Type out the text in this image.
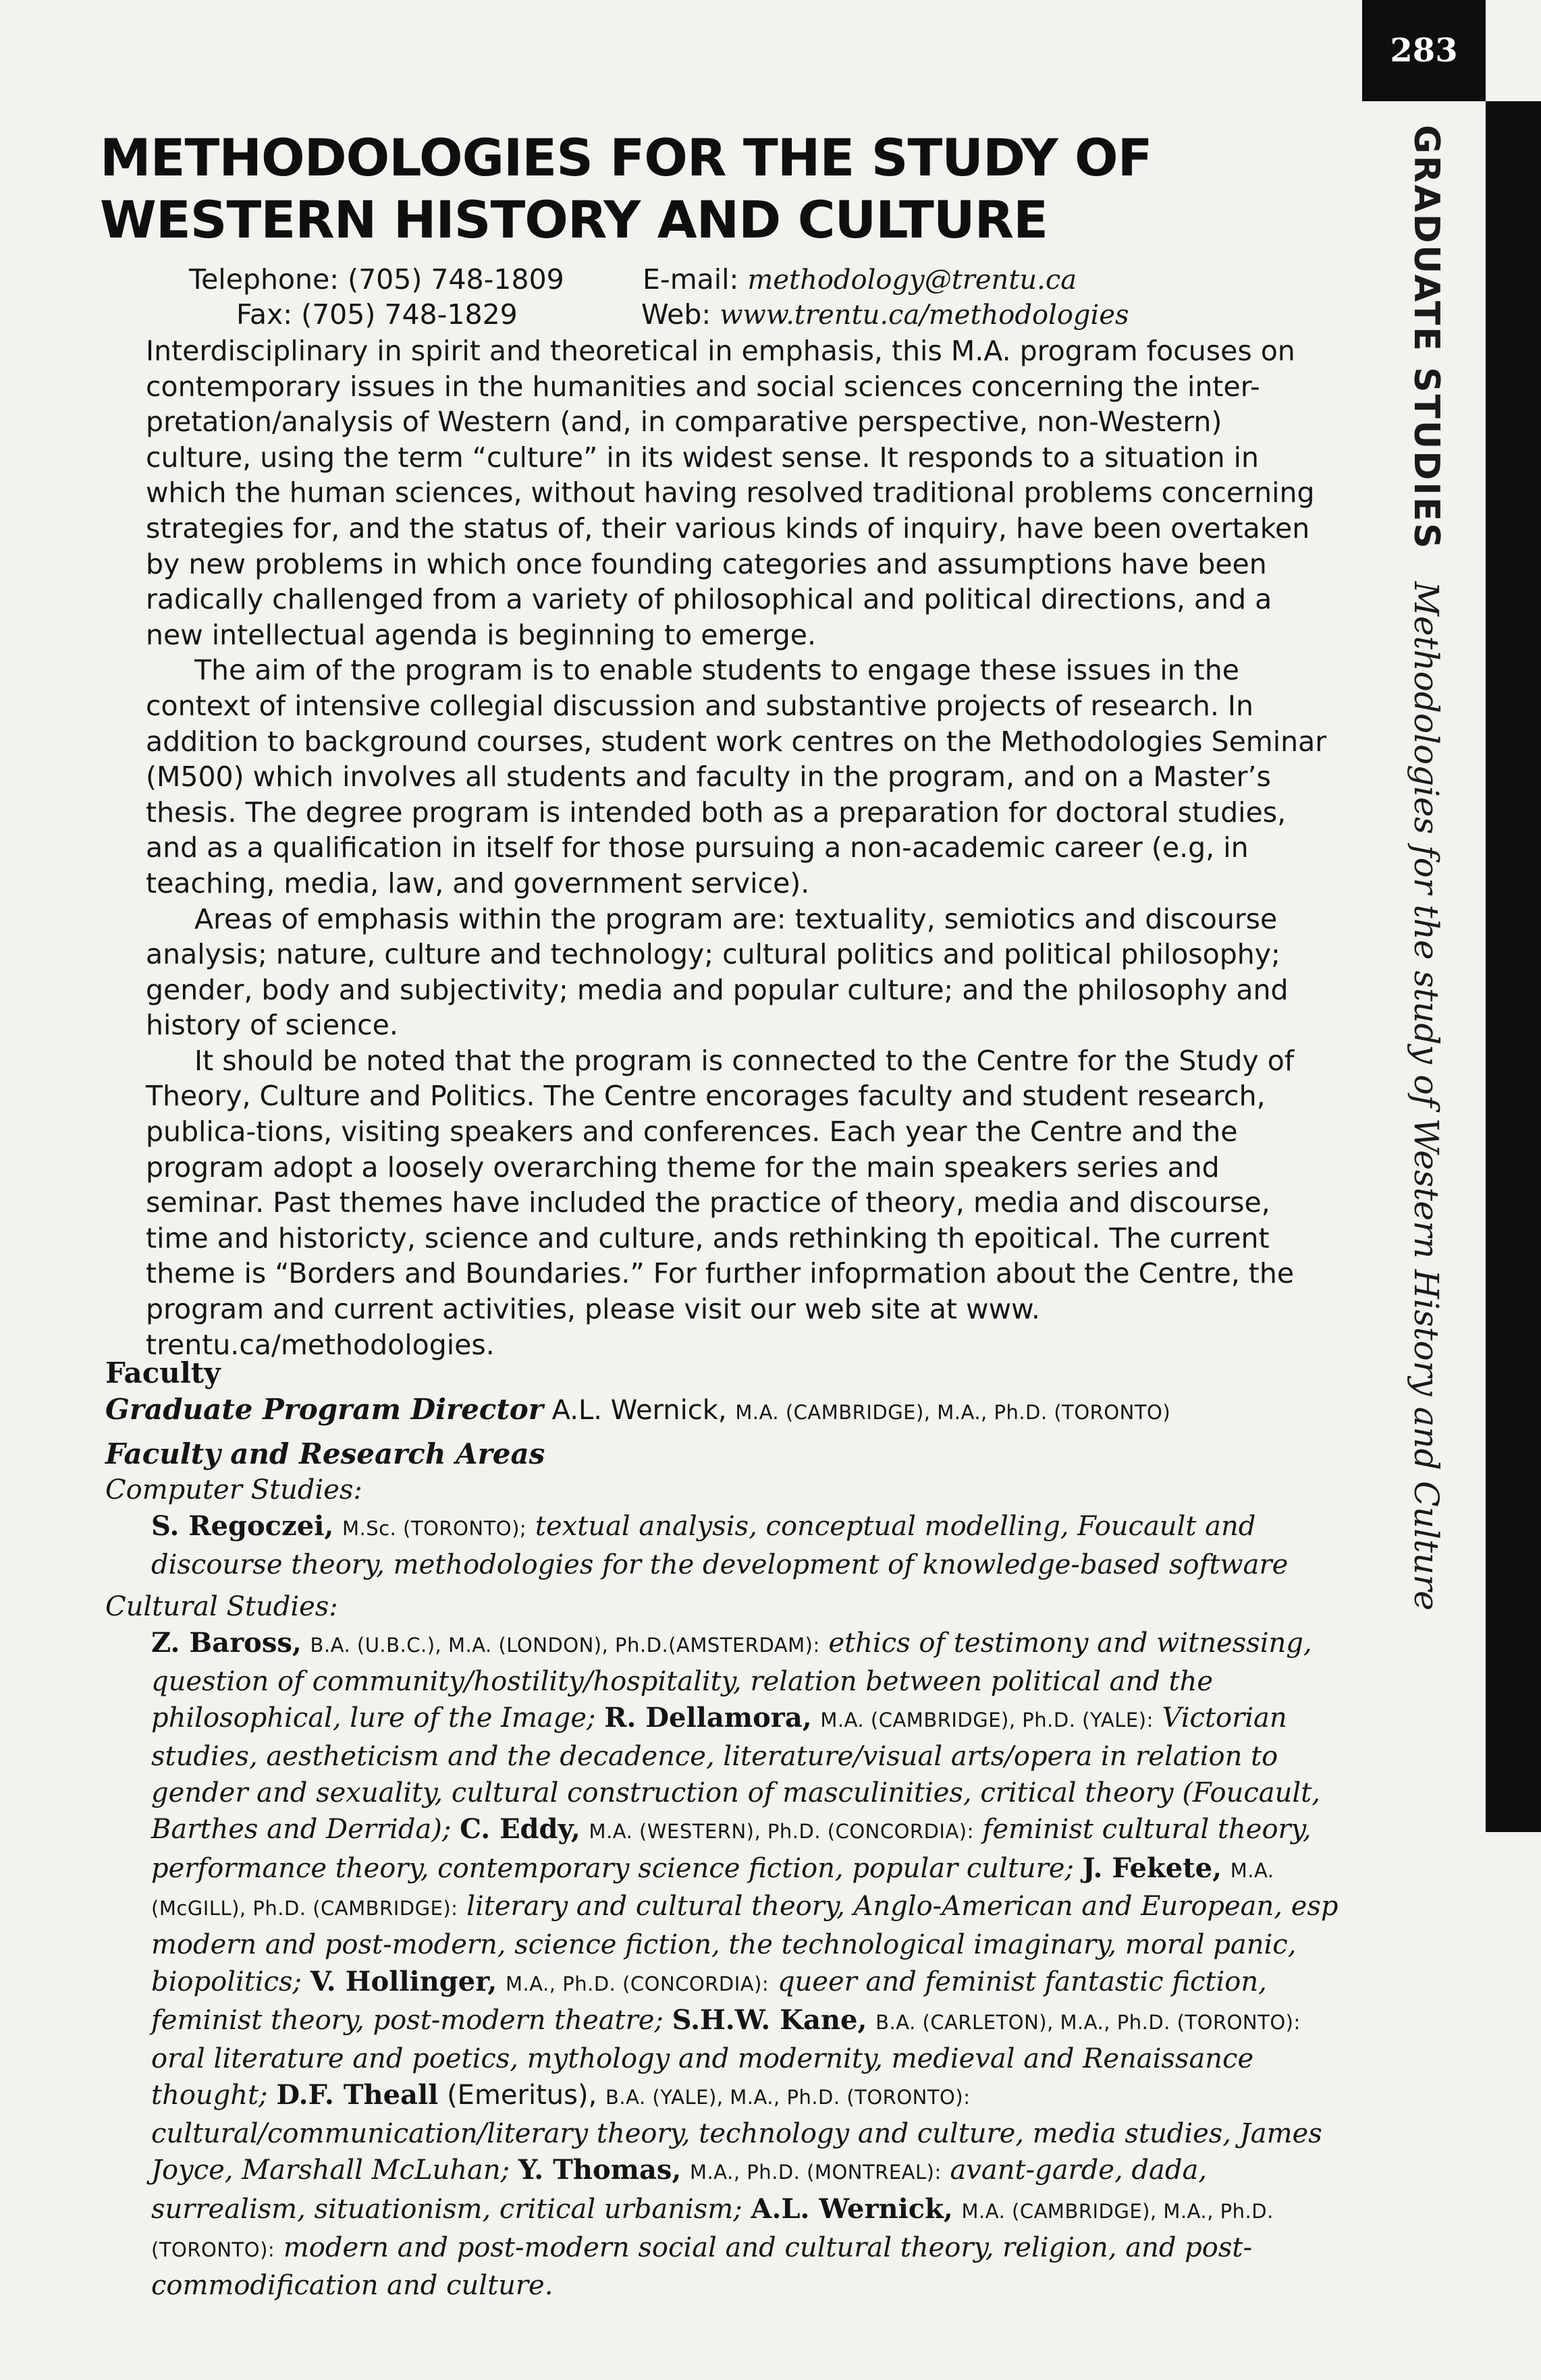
283
GRADUATE STUDIES
Methodologies for the study of Western History and Culture
METHODOLOGIES FOR THE STUDY OF
WESTERN HISTORY AND CULTURE
Telephone: (705) 748-1809	E-mail: methodology@trentu.ca
Fax: (705) 748-1829	Web: www.trentu.ca/methodologies

Interdisciplinary in spirit and theoretical in emphasis, this M.A. program focuses on contemporary issues in the humanities and social sciences concerning the inter-pretation/analysis of Western (and, in comparative perspective, non-Western) culture, using the term “culture” in its widest sense. It responds to a situation in which the human sciences, without having resolved traditional problems concerning strategies for, and the status of, their various kinds of inquiry, have been overtaken by new problems in which once founding categories and assumptions have been radically challenged from a variety of philosophical and political directions, and a new intellectual agenda is beginning to emerge.

The aim of the program is to enable students to engage these issues in the context of intensive collegial discussion and substantive projects of research. In addition to background courses, student work centres on the Methodologies Seminar (M500) which involves all students and faculty in the program, and on a Master’s thesis. The degree program is intended both as a preparation for doctoral studies, and as a qualification in itself for those pursuing a non-academic career (e.g, in teaching, media, law, and government service).

Areas of emphasis within the program are: textuality, semiotics and discourse analysis; nature, culture and technology; cultural politics and political philosophy; gender, body and subjectivity; media and popular culture; and the philosophy and history of science.

It should be noted that the program is connected to the Centre for the Study of Theory, Culture and Politics. The Centre encorages faculty and student research, publica-tions, visiting speakers and conferences. Each year the Centre and the program adopt a loosely overarching theme for the main speakers series and seminar. Past themes have included the practice of theory, media and discourse, time and historicty, science and culture, ands rethinking th epoitical. The current theme is “Borders and Boundaries.” For further infoprmation about the Centre, the program and current activities, please visit our web site at www. trentu.ca/methodologies.

Faculty
Graduate Program Director A.L. Wernick, M.A. (CAMBRIDGE), M.A., Ph.D. (TORONTO)
Faculty and Research Areas
Computer Studies:
S. Regoczei, M.Sc. (TORONTO); textual analysis, conceptual modelling, Foucault and discourse theory, methodologies for the development of knowledge-based software
Cultural Studies:
Z. Baross, B.A. (U.B.C.), M.A. (LONDON), Ph.D.(AMSTERDAM): ethics of testimony and witnessing, question of community/hostility/hospitality, relation between political and the philosophical, lure of the Image; R. Dellamora, M.A. (CAMBRIDGE), Ph.D. (YALE): Victorian studies, aestheticism and the decadence, literature/visual arts/opera in relation to gender and sexuality, cultural construction of masculinities, critical theory (Foucault, Barthes and Derrida); C. Eddy, M.A. (WESTERN), Ph.D. (CONCORDIA): feminist cultural theory, performance theory, contemporary science fiction, popular culture; J. Fekete, M.A. (McGILL), Ph.D. (CAMBRIDGE): literary and cultural theory, Anglo-American and European, esp modern and post-modern, science fiction, the technological imaginary, moral panic, biopolitics; V. Hollinger, M.A., Ph.D. (CONCORDIA): queer and feminist fantastic fiction, feminist theory, post-modern theatre; S.H.W. Kane, B.A. (CARLETON), M.A., Ph.D. (TORONTO): oral literature and poetics, mythology and modernity, medieval and Renaissance thought; D.F. Theall (Emeritus), B.A. (YALE), M.A., Ph.D. (TORONTO): cultural/communication/literary theory, technology and culture, media studies, James Joyce, Marshall McLuhan; Y. Thomas, M.A., Ph.D. (MONTREAL): avant-garde, dada, surrealism, situationism, critical urbanism; A.L. Wernick, M.A. (CAMBRIDGE), M.A., Ph.D. (TORONTO): modern and post-modern social and cultural theory, religion, and post-commodification and culture.
